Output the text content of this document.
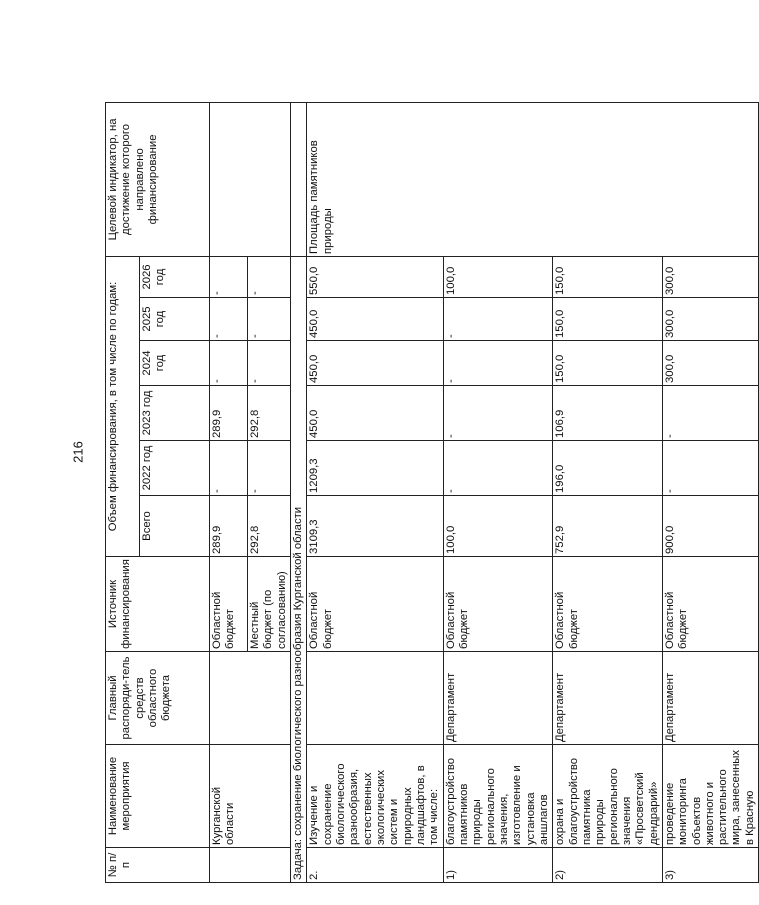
216
№ п/п	Наименование мероприятия	Главный распоряди-тель средств областного бюджета	Источник финансирования	Объем финансирования, в том числе по годам:						Целевой индикатор, на достижение которого направлено финансирование
				Всего	2022 год	2023 год	2024 год	2025 год	2026 год	
	Курганской области		Областной бюджет	289,9	-	289,9	-	-	-	
			Местный бюджет (по согласованию)	292,8	-	292,8	-	-	-	
Задача: сохранение биологического разнообразия Курганской области										
2.	Изучение и сохранение биологического разнообразия, естественных экологических систем и природных ландшафтов, в том числе:		Областной бюджет	3109,3	1209,3	450,0	450,0	450,0	550,0	Площадь памятников природы
1)	благоустройство памятников природы регионального значения, изготовление и установка аншлагов	Департамент	Областной бюджет	100,0	-	-	-	-	100,0	
2)	охрана и благоустройство памятника природы регионального значения «Просветский дендрарий»	Департамент	Областной бюджет	752,9	196,0	106,9	150,0	150,0	150,0	
3)	проведение мониторинга объектов животного и растительного мира, занесенных в Красную	Департамент	Областной бюджет	900,0	-	-	300,0	300,0	300,0	
